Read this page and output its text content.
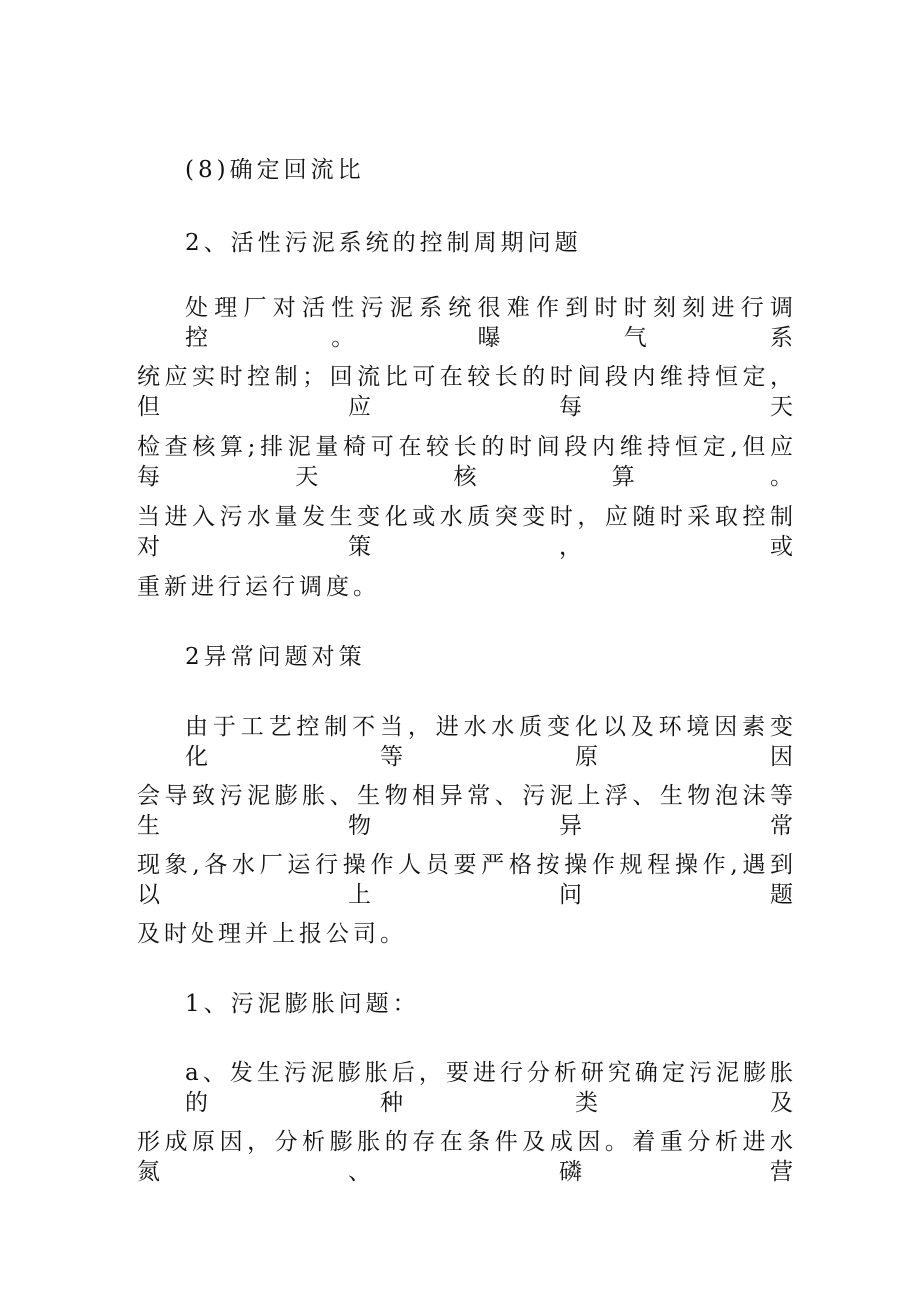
(8)确定回流比
2、活性污泥系统的控制周期问题
处理厂对活性污泥系统很难作到时时刻刻进行调控。曝气系
统应实时控制；回流比可在较长的时间段内维持恒定，但应每天
检查核算;排泥量椅可在较长的时间段内维持恒定,但应每天核算。
当进入污水量发生变化或水质突变时，应随时采取控制对策，或
重新进行运行调度。
2异常问题对策
由于工艺控制不当，进水水质变化以及环境因素变化等原因
会导致污泥膨胀、生物相异常、污泥上浮、生物泡沫等生物异常
现象,各水厂运行操作人员要严格按操作规程操作,遇到以上问题
及时处理并上报公司。
1、污泥膨胀问题：
a、发生污泥膨胀后，要进行分析研究确定污泥膨胀的种类及
形成原因，分析膨胀的存在条件及成因。着重分析进水氮、磷营
